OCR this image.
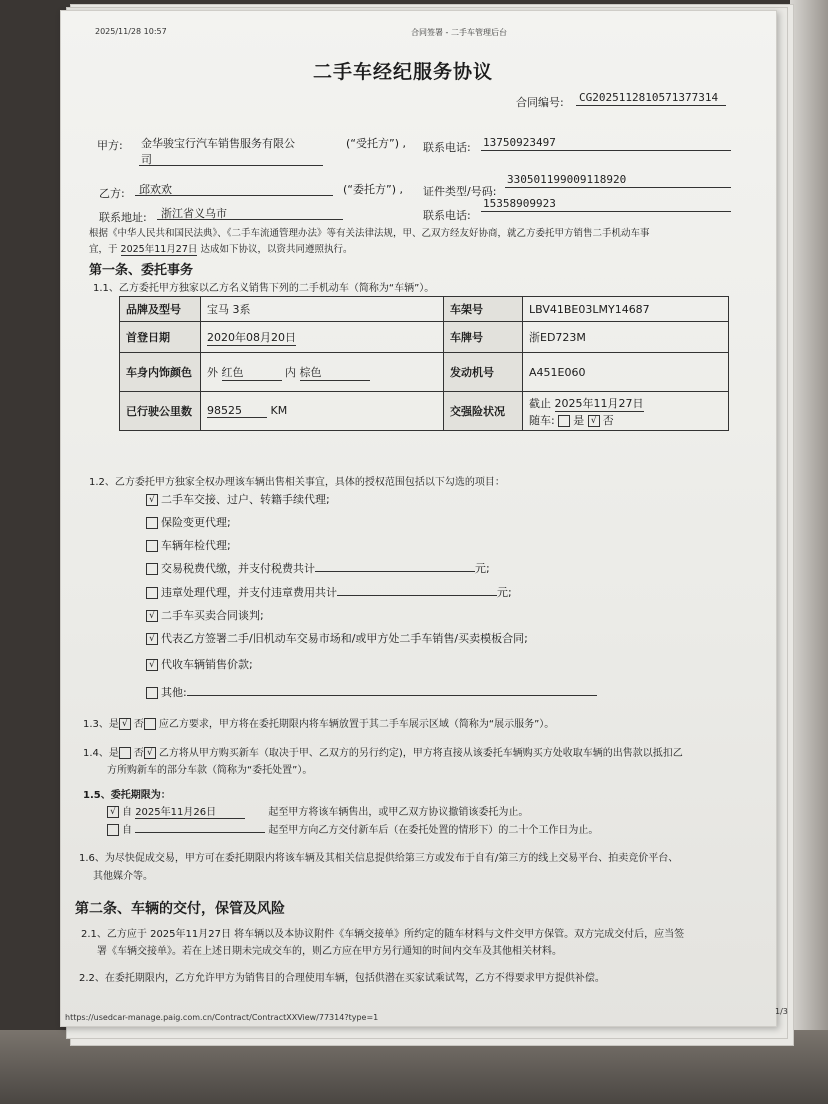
2025/11/28 10:57	合同签署 - 二手车管理后台
二手车经纪服务协议
合同编号: CG2025112810571377314
甲方: 金华骏宝行汽车销售服务有限公
司
(“受托方”) , 联系电话: 13750923497
乙方: 邱欢欢	(“委托方”) , 证件类型/号码:
330501199009118920
联系地址: 浙江省义乌市	联系电话:
15358909923
根据《中华人民共和国民法典》、《二手车流通管理办法》等有关法律法规，甲、乙双方经友好协商，就乙方委托甲方销售二手机动车事
宜，于 2025年11月27日 达成如下协议，以资共同遵照执行。
第一条、委托事务
1.1、乙方委托甲方独家以乙方名义销售下列的二手机动车（简称为“车辆”）。
品牌及型号	宝马 3系	车架号	LBV41BE03LMY14687
首登日期	2020年08月20日	车牌号	浙ED723M
车身内饰颜色	外 红色 内 棕色	发动机号	A451E060
已行驶公里数	98525 KM	交强险状况	截止 2025年11月27日
随车: 是 √ 否
1.2、乙方委托甲方独家全权办理该车辆出售相关事宜，具体的授权范围包括以下勾选的项目：
√ 二手车交接、过户、转籍手续代理;
保险变更代理;
车辆年检代理;
交易税费代缴，并支付税费共计	元;
违章处理代理，并支付违章费用共计	元;
√ 二手车买卖合同谈判;
√ 代表乙方签署二手/旧机动车交易市场和/或甲方处二手车销售/买卖模板合同;
√ 代收车辆销售价款;
其他:
1.3、是 √ 否 应乙方要求，甲方将在委托期限内将车辆放置于其二手车展示区域（简称为“展示服务”）。
1.4、是 否 √ 乙方将从甲方购买新车（取决于甲、乙双方的另行约定)，甲方将直接从该委托车辆购买方处收取车辆的出售款以抵扣乙
方所购新车的部分车款（简称为“委托处置”）。
1.5、委托期限为：
√ 自 2025年11月26日	起至甲方将该车辆售出，或甲乙双方协议撤销该委托为止。
自	起至甲方向乙方交付新车后（在委托处置的情形下）的二十个工作日为止。
1.6、为尽快促成交易，甲方可在委托期限内将该车辆及其相关信息提供给第三方或发布于自有/第三方的线上交易平台、拍卖竞价平台、
其他媒介等。
第二条、车辆的交付，保管及风险
2.1、乙方应于 2025年11月27日 将车辆以及本协议附件《车辆交接单》所约定的随车材料与文件交甲方保管。双方完成交付后，应当签
署《车辆交接单》。若在上述日期未完成交车的，则乙方应在甲方另行通知的时间内交车及其他相关材料。
2.2、在委托期限内，乙方允许甲方为销售目的合理使用车辆，包括供潜在买家试乘试驾，乙方不得要求甲方提供补偿。
https://usedcar-manage.paig.com.cn/Contract/ContractXXView/77314?type=1
1/3
